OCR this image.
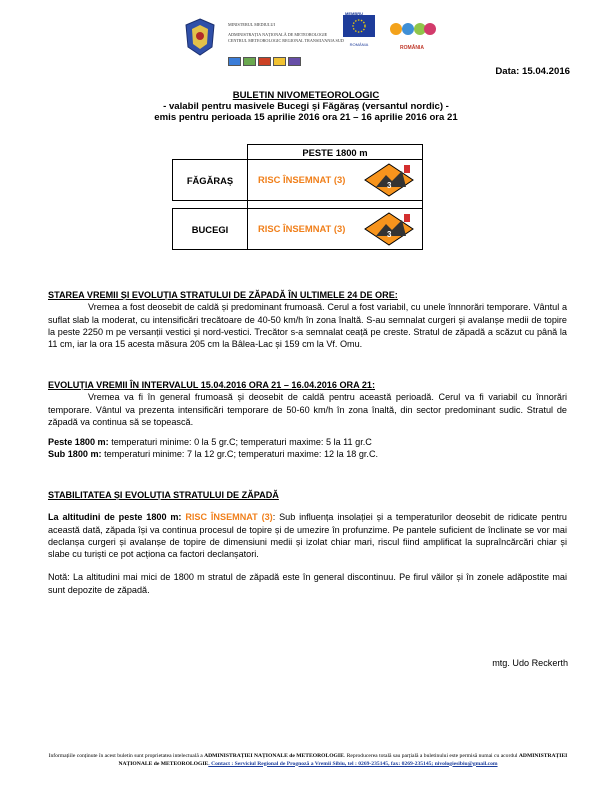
MINISTERUL MEDIULUI
ADMINISTRAȚIA NAȚIONALĂ DE METEOROLOGIE
CENTRUL METEOROLOGIC REGIONAL TRANSILVANIA SUD
ROMÂNIA
MEMBRU
ROMÂNIA
Data: 15.04.2016
BULETIN NIVOMETEOROLOGIC
- valabil pentru masivele Bucegi și Făgăraș (versantul nordic) -
emis pentru perioada 15 aprilie 2016 ora 21 – 16 aprilie 2016 ora 21
	PESTE 1800 m
FĂGĂRAȘ	RISC ÎNSEMNAT (3)
3

BUCEGI	RISC ÎNSEMNAT (3)
3
STAREA VREMII ȘI EVOLUȚIA STRATULUI DE ZĂPADĂ ÎN ULTIMELE 24 DE ORE:
Vremea a fost deosebit de caldă și predominant frumoasă. Cerul a fost variabil, cu unele înnnorări temporare. Vântul a suflat slab la moderat, cu intensificări trecătoare de 40-50 km/h în zona înaltă. S-au semnalat curgeri și avalanșe medii de topire la peste 2250 m pe versanții vestici și nord-vestici. Trecător s-a semnalat ceață pe creste. Stratul de zăpadă a scăzut cu până la 11 cm, iar la ora 15 acesta măsura 205 cm la Bâlea-Lac și 159 cm la Vf. Omu.
EVOLUȚIA VREMII ÎN INTERVALUL 15.04.2016 ORA 21 – 16.04.2016 ORA 21:
Vremea va fi în general frumoasă și deosebit de caldă pentru această perioadă. Cerul va fi variabil cu înnorări temporare. Vântul va prezenta intensificări temporare de 50-60 km/h în zona înaltă, din sector predominant sudic. Stratul de zăpadă va continua să se topească.
Peste 1800 m: temperaturi minime: 0 la 5 gr.C; temperaturi maxime: 5 la 11 gr.C
Sub 1800 m: temperaturi minime: 7 la 12 gr.C; temperaturi maxime: 12 la 18 gr.C.
STABILITATEA ȘI EVOLUȚIA STRATULUI DE ZĂPADĂ
La altitudini de peste 1800 m: RISC ÎNSEMNAT (3): Sub influența insolației și a temperaturilor deosebit de ridicate pentru această dată, zăpada își va continua procesul de topire și de umezire în profunzime. Pe pantele suficient de înclinate se vor mai declanșa curgeri și avalanșe de topire de dimensiuni medii și izolat chiar mari, riscul fiind amplificat la supraîncărcări chiar și slabe cu turiști ce pot acționa ca factori declanșatori.
Notă: La altitudini mai mici de 1800 m stratul de zăpadă este în general discontinuu. Pe firul văilor și în zonele adăpostite mai sunt depozite de zăpadă.
mtg. Udo Reckerth
Informațiile conținute în acest buletin sunt proprietatea intelectuală a ADMINISTRAȚIEI NAȚIONALE de METEOROLOGIE. Reproducerea totală sau parțială a buletinului este permisă numai cu acordul ADMINISTRAȚIEI NAȚIONALE de METEOROLOGIE. Contact : Serviciul Regional de Prognoză a Vremii Sibiu, tel : 0269-235145, fax: 0269-235145; nivologiesibiu@gmail.com
